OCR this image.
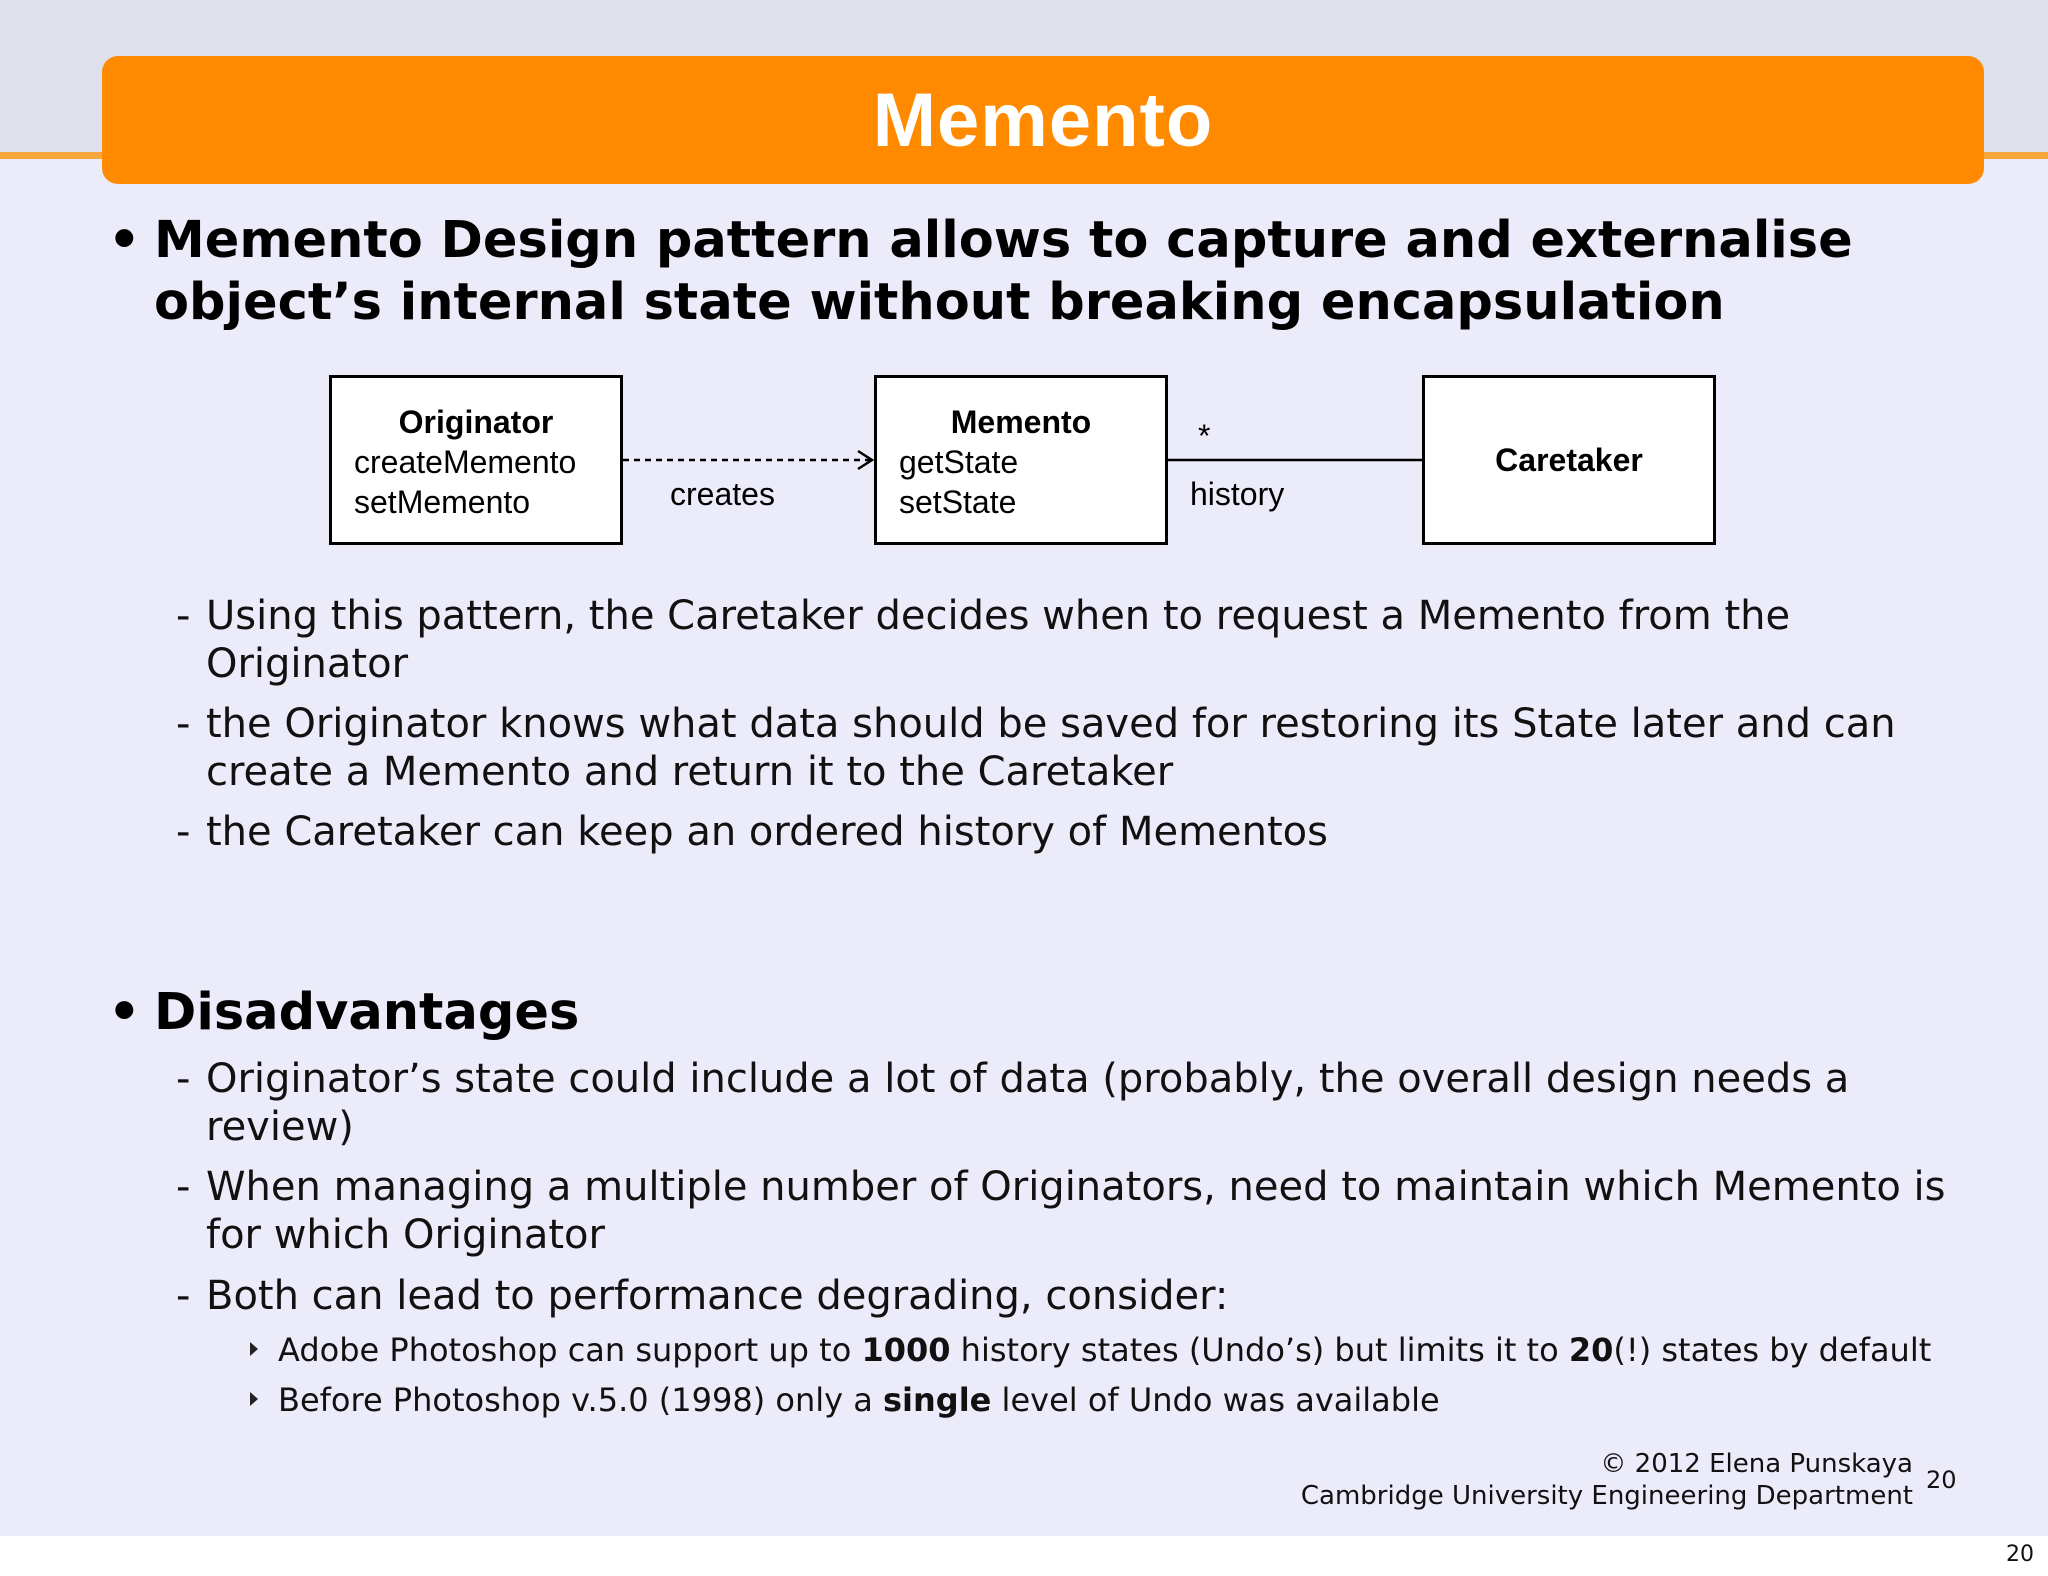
Memento
• Memento Design pattern allows to capture and externalise
object’s internal state without breaking encapsulation
Originator
createMemento
setMemento
Memento
getState
setState
Caretaker
creates	history
*
- Using this pattern, the Caretaker decides when to request a Memento from the
Originator
- the Originator knows what data should be saved for restoring its State later and can
create a Memento and return it to the Caretaker
- the Caretaker can keep an ordered history of Mementos
• Disadvantages
- Originator’s state could include a lot of data (probably, the overall design needs a
review)
- When managing a multiple number of Originators, need to maintain which Memento is
for which Originator
- Both can lead to performance degrading, consider:
Adobe Photoshop can support up to 1000 history states (Undo’s) but limits it to 20(!) states by default
Before Photoshop v.5.0 (1998) only a single level of Undo was available
© 2012 Elena Punskaya
Cambridge University Engineering Department
20
20
